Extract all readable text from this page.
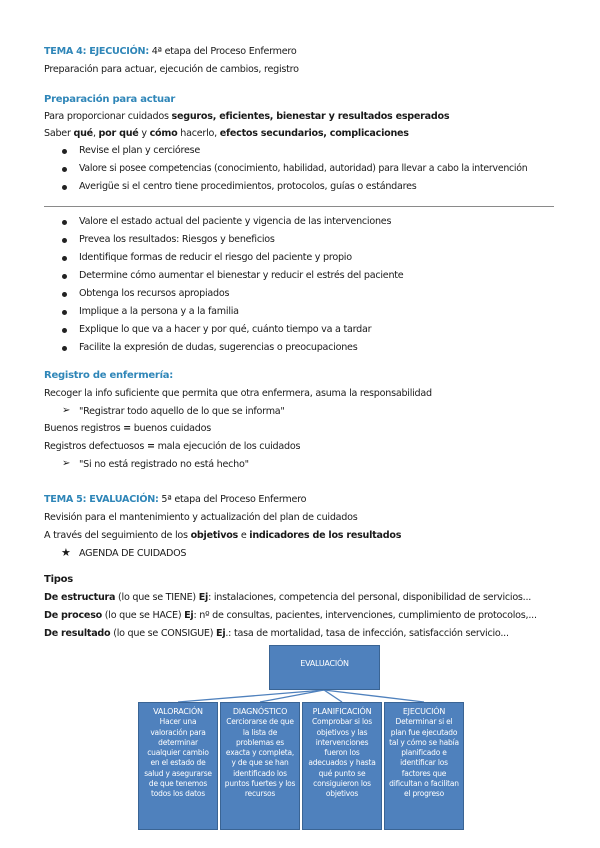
TEMA 4: EJECUCIÓN: 4ª etapa del Proceso Enfermero
Preparación para actuar, ejecución de cambios, registro
Preparación para actuar
Para proporcionar cuidados seguros, eficientes, bienestar y resultados esperados
Saber qué, por qué y cómo hacerlo, efectos secundarios, complicaciones
Revise el plan y cerciórese
Valore si posee competencias (conocimiento, habilidad, autoridad) para llevar a cabo la intervención
Averigüe si el centro tiene procedimientos, protocolos, guías o estándares
Valore el estado actual del paciente y vigencia de las intervenciones
Prevea los resultados: Riesgos y beneficios
Identifique formas de reducir el riesgo del paciente y propio
Determine cómo aumentar el bienestar y reducir el estrés del paciente
Obtenga los recursos apropiados
Implique a la persona y a la familia
Explique lo que va a hacer y por qué, cuánto tiempo va a tardar
Facilite la expresión de dudas, sugerencias o preocupaciones
Registro de enfermería:
Recoger la info suficiente que permita que otra enfermera, asuma la responsabilidad
➢ "Registrar todo aquello de lo que se informa"
Buenos registros = buenos cuidados
Registros defectuosos = mala ejecución de los cuidados
➢ "Si no está registrado no está hecho"
TEMA 5: EVALUACIÓN: 5ª etapa del Proceso Enfermero
Revisión para el mantenimiento y actualización del plan de cuidados
A través del seguimiento de los objetivos e indicadores de los resultados
★ AGENDA DE CUIDADOS
Tipos
De estructura (lo que se TIENE) Ej: instalaciones, competencia del personal, disponibilidad de servicios...
De proceso (lo que se HACE) Ej: nº de consultas, pacientes, intervenciones, cumplimiento de protocolos,...
De resultado (lo que se CONSIGUE) Ej.: tasa de mortalidad, tasa de infección, satisfacción servicio...
EVALUACIÓN
VALORACIÓN
Hacer una valoración para determinar cualquier cambio en el estado de salud y asegurarse de que tenemos todos los datos
DIAGNÓSTICO
Cerciorarse de que la lista de problemas es exacta y completa, y de que se han identificado los puntos fuertes y los recursos
PLANIFICACIÓN
Comprobar si los objetivos y las intervenciones fueron los adecuados y hasta qué punto se consiguieron los objetivos
EJECUCIÓN
Determinar si el plan fue ejecutado tal y cómo se había planificado e identificar los factores que dificultan o facilitan el progreso
